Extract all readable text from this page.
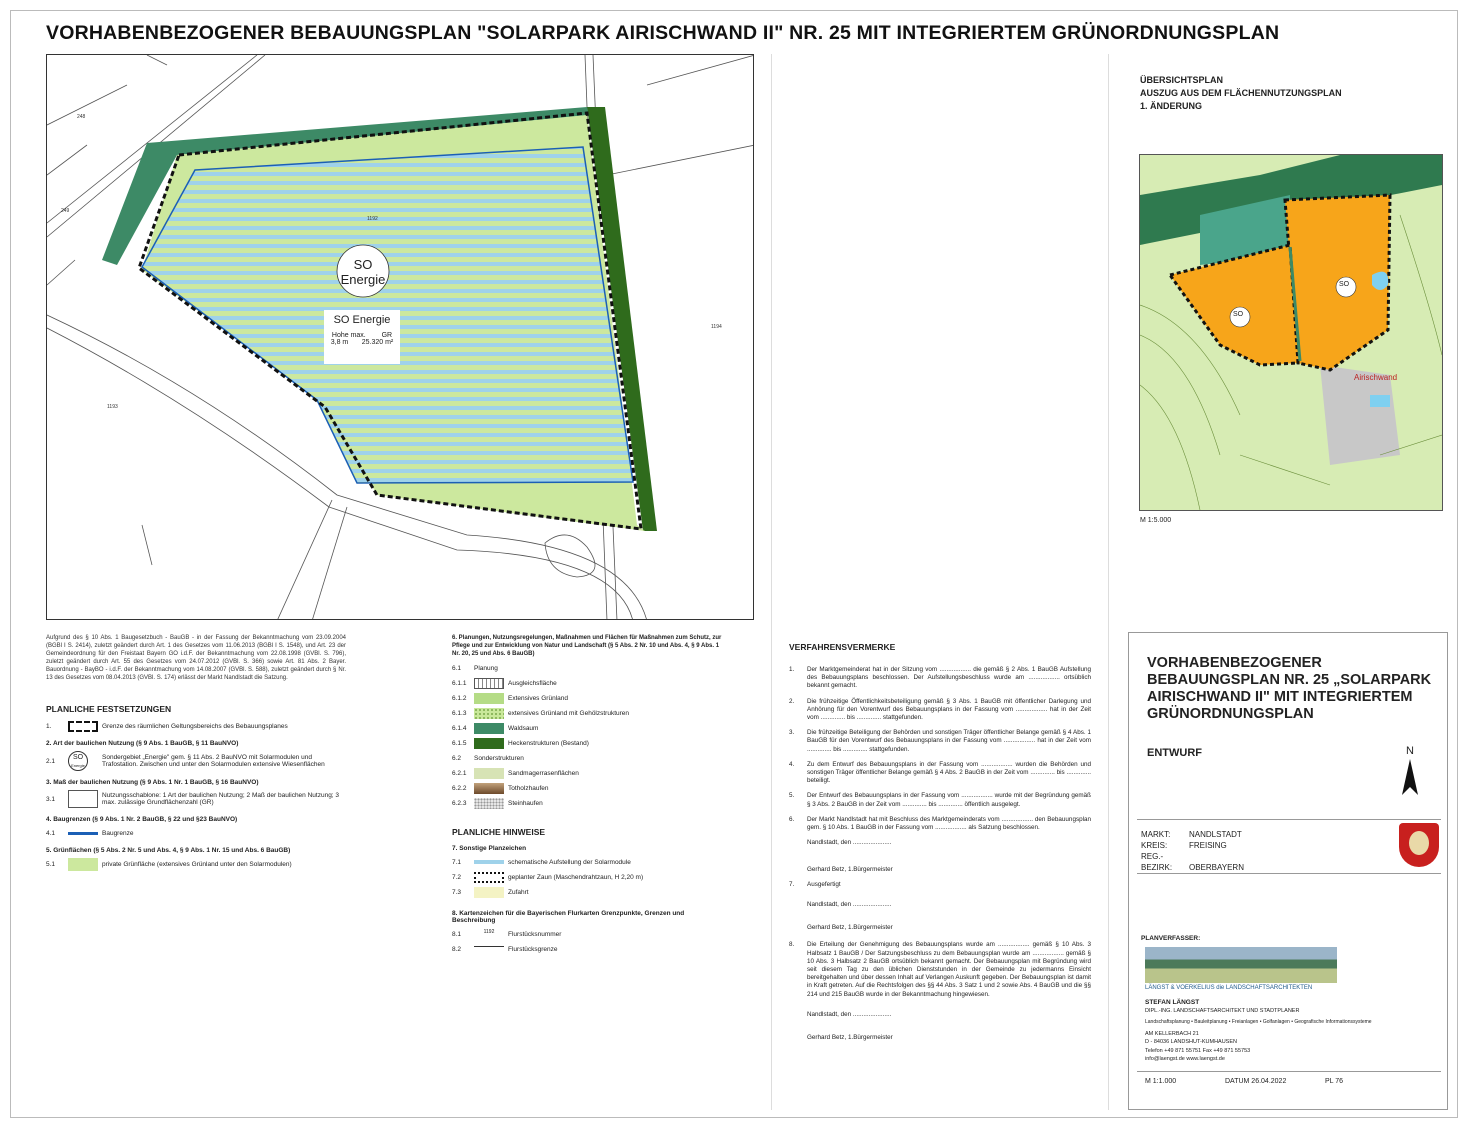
VORHABENBEZOGENER BEBAUUNGSPLAN "SOLARPARK AIRISCHWAND II" NR. 25 MIT INTEGRIERTEM GRÜNORDNUNGSPLAN
SO
Energie
SO Energie
Hohe max. GR
3,8 m 25.320 m²
248
249
1192
1193
1194
Aufgrund des § 10 Abs. 1 Baugesetzbuch - BauGB - in der Fassung der Bekanntmachung vom 23.09.2004 (BGBl I S. 2414), zuletzt geändert durch Art. 1 des Gesetzes vom 11.06.2013 (BGBl I S. 1548), und Art. 23 der Gemeindeordnung für den Freistaat Bayern GO i.d.F. der Bekanntmachung vom 22.08.1998 (GVBl. S. 796), zuletzt geändert durch Art. 55 des Gesetzes vom 24.07.2012 (GVBl. S. 366) sowie Art. 81 Abs. 2 Bayer. Bauordnung - BayBO - i.d.F. der Bekanntmachung vom 14.08.2007 (GVBl. S. 588), zuletzt geändert durch § Nr. 13 des Gesetzes vom 08.04.2013 (GVBl. S. 174) erlässt der Markt Nandlstadt die Satzung.
PLANLICHE FESTSETZUNGEN
1.	Grenze des räumlichen Geltungsbereichs des Bebauungsplanes
2. Art der baulichen Nutzung (§ 9 Abs. 1 BauGB, § 11 BauNVO)
2.1	SO
Energie
Sondergebiet „Energie" gem. § 11 Abs. 2 BauNVO mit Solarmodulen und Trafostation. Zwischen und unter den Solarmodulen extensive Wiesenflächen
3. Maß der baulichen Nutzung (§ 9 Abs. 1 Nr. 1 BauGB, § 16 BauNVO)
3.1	Nutzungsschablone: 1 Art der baulichen Nutzung; 2 Maß der baulichen Nutzung; 3 max. zulässige Grundflächenzahl (GR)
4. Baugrenzen (§ 9 Abs. 1 Nr. 2 BauGB, § 22 und §23 BauNVO)
4.1	Baugrenze
5. Grünflächen (§ 5 Abs. 2 Nr. 5 und Abs. 4, § 9 Abs. 1 Nr. 15 und Abs. 6 BauGB)
5.1	private Grünfläche (extensives Grünland unter den Solarmodulen)
6. Planungen, Nutzungsregelungen, Maßnahmen und Flächen für Maßnahmen zum Schutz, zur Pflege und zur Entwicklung von Natur und Landschaft (§ 5 Abs. 2 Nr. 10 und Abs. 4, § 9 Abs. 1 Nr. 20, 25 und Abs. 6 BauGB)
6.1	Planung
6.1.1	Ausgleichsfläche
6.1.2	Extensives Grünland
6.1.3	extensives Grünland mit Gehölzstrukturen
6.1.4	Waldsaum
6.1.5	Heckenstrukturen (Bestand)
6.2	Sonderstrukturen
6.2.1	Sandmagerrasenflächen
6.2.2	Totholzhaufen
6.2.3	Steinhaufen
PLANLICHE HINWEISE
7. Sonstige Planzeichen
7.1	schematische Aufstellung der Solarmodule
7.2	geplanter Zaun (Maschendrahtzaun, H 2,20 m)
7.3	Zufahrt
8. Kartenzeichen für die Bayerischen Flurkarten Grenzpunkte, Grenzen und Beschreibung
8.1	1192	Flurstücksnummer
8.2	Flurstücksgrenze
VERFAHRENSVERMERKE
1.	Der Marktgemeinderat hat in der Sitzung vom .................. die gemäß § 2 Abs. 1 BauGB Aufstellung des Bebauungsplans beschlossen. Der Aufstellungsbeschluss wurde am .................. ortsüblich bekannt gemacht.
2.	Die frühzeitige Öffentlichkeitsbeteiligung gemäß § 3 Abs. 1 BauGB mit öffentlicher Darlegung und Anhörung für den Vorentwurf des Bebauungsplans in der Fassung vom .................. hat in der Zeit vom .............. bis .............. stattgefunden.
3.	Die frühzeitige Beteiligung der Behörden und sonstigen Träger öffentlicher Belange gemäß § 4 Abs. 1 BauGB für den Vorentwurf des Bebauungsplans in der Fassung vom .................. hat in der Zeit vom .............. bis .............. stattgefunden.
4.	Zu dem Entwurf des Bebauungsplans in der Fassung vom .................. wurden die Behörden und sonstigen Träger öffentlicher Belange gemäß § 4 Abs. 2 BauGB in der Zeit vom .............. bis .............. beteiligt.
5.	Der Entwurf des Bebauungsplans in der Fassung vom .................. wurde mit der Begründung gemäß § 3 Abs. 2 BauGB in der Zeit vom .............. bis .............. öffentlich ausgelegt.
6.	Der Markt Nandlstadt hat mit Beschluss des Marktgemeinderats vom .................. den Bebauungsplan gem. § 10 Abs. 1 BauGB in der Fassung vom .................. als Satzung beschlossen.
Nandlstadt, den ......................
Gerhard Betz, 1.Bürgermeister
7.	Ausgefertigt
Nandlstadt, den ......................
Gerhard Betz, 1.Bürgermeister
8.	Die Erteilung der Genehmigung des Bebauungsplans wurde am .................. gemäß § 10 Abs. 3 Halbsatz 1 BauGB / Der Satzungsbeschluss zu dem Bebauungsplan wurde am .................. gemäß § 10 Abs. 3 Halbsatz 2 BauGB ortsüblich bekannt gemacht. Der Bebauungsplan mit Begründung wird seit diesem Tag zu den üblichen Dienststunden in der Gemeinde zu jedermanns Einsicht bereitgehalten und über dessen Inhalt auf Verlangen Auskunft gegeben. Der Bebauungsplan ist damit in Kraft getreten. Auf die Rechtsfolgen des §§ 44 Abs. 3 Satz 1 und 2 sowie Abs. 4 BauGB und die §§ 214 und 215 BauGB wurde in der Bekanntmachung hingewiesen.
Nandlstadt, den ......................
Gerhard Betz, 1.Bürgermeister
ÜBERSICHTSPLAN
AUSZUG AUS DEM FLÄCHENNUTZUNGSPLAN
1. ÄNDERUNG
SO
SO
Airischwand
M 1:5.000
VORHABENBEZOGENER BEBAUUNGSPLAN NR. 25 „SOLARPARK AIRISCHWAND II" MIT INTEGRIERTEM GRÜNORDNUNGSPLAN
ENTWURF	N
MARKT: NANDLSTADT
KREIS:	FREISING
REG.-BEZIRK: OBERBAYERN
PLANVERFASSER:
LÄNGST & VOERKELIUS die LANDSCHAFTSARCHITEKTEN
STEFAN LÄNGST
DIPL.-ING. LANDSCHAFTSARCHITEKT UND STADTPLANER
Landschaftsplanung • Bauleitplanung • Freianlagen • Golfanlagen • Geografische Informationssysteme
AM KELLERBACH 21
D - 84036 LANDSHUT-KUMHAUSEN
Telefon +49 871 55751 Fax +49 871 55753
info@laengst.de www.laengst.de
M 1:1.000	DATUM 26.04.2022	PL 76
